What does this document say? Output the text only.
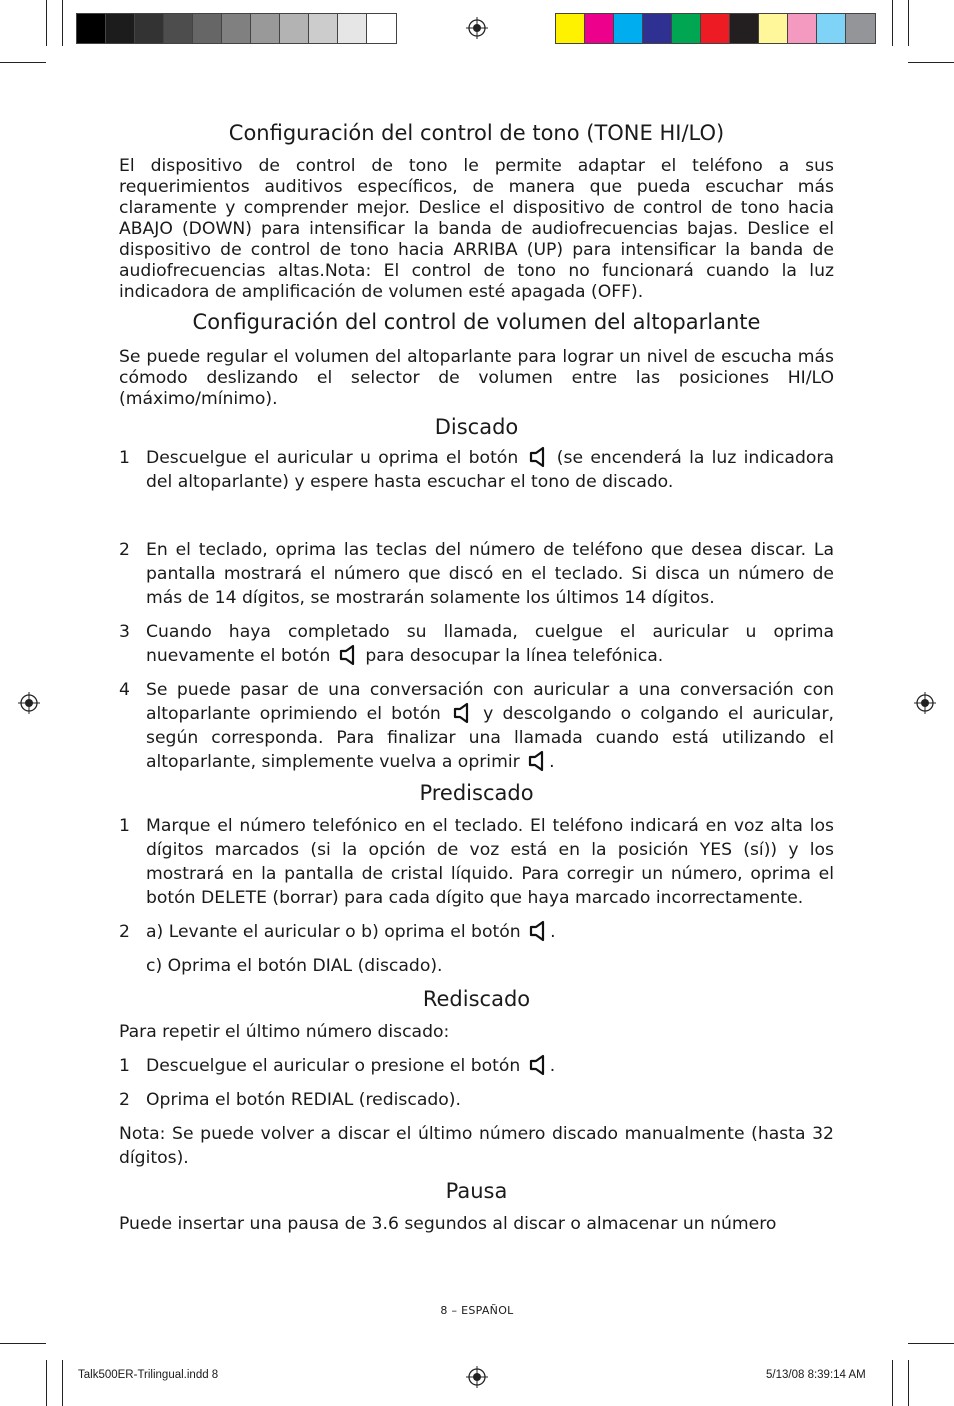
Configuración del control de tono (TONE HI/LO)

El dispositivo de control de tono le permite adaptar el teléfono a sus requerimientos auditivos específicos, de manera que pueda escuchar más claramente y comprender mejor. Deslice el dispositivo de control de tono hacia ABAJO (DOWN) para intensificar la banda de audiofrecuencias bajas. Deslice el dispositivo de control de tono hacia ARRIBA (UP) para intensificar la banda de audiofrecuencias altas.Nota: El control de tono no funcionará cuando la luz indicadora de amplificación de volumen esté apagada (OFF).

Configuración del control de volumen del altoparlante

Se puede regular el volumen del altoparlante para lograr un nivel de escucha más cómodo deslizando el selector de volumen entre las posiciones HI/LO (máximo/mínimo).

Discado
1 Descuelgue el auricular u oprima el botón  (se encenderá la luz indicadora del altoparlante) y espere hasta escuchar el tono de discado.
2 En el teclado, oprima las teclas del número de teléfono que desea discar. La pantalla mostrará el número que discó en el teclado. Si disca un número de más de 14 dígitos, se mostrarán solamente los últimos 14 dígitos.
3 Cuando haya completado su llamada, cuelgue el auricular u oprima nuevamente el botón  para desocupar la línea telefónica.
4 Se puede pasar de una conversación con auricular a una conversación con altoparlante oprimiendo el botón  y descolgando o colgando el auricular, según corresponda. Para finalizar una llamada cuando está utilizando el altoparlante, simplemente vuelva a oprimir .
Prediscado
1 Marque el número telefónico en el teclado. El teléfono indicará en voz alta los dígitos marcados (si la opción de voz está en la posición YES (sí)) y los mostrará en la pantalla de cristal líquido. Para corregir un número, oprima el botón DELETE (borrar) para cada dígito que haya marcado incorrectamente.
2 a) Levante el auricular o b) oprima el botón .
c) Oprima el botón DIAL (discado).
Rediscado

Para repetir el último número discado:

1 Descuelgue el auricular o presione el botón .
2 Oprima el botón REDIAL (rediscado).

Nota: Se puede volver a discar el último número discado manualmente (hasta 32 dígitos).

Pausa

Puede insertar una pausa de 3.6 segundos al discar o almacenar un número

8 – ESPAÑOL
Talk500ER-Trilingual.indd 8	5/13/08 8:39:14 AM
